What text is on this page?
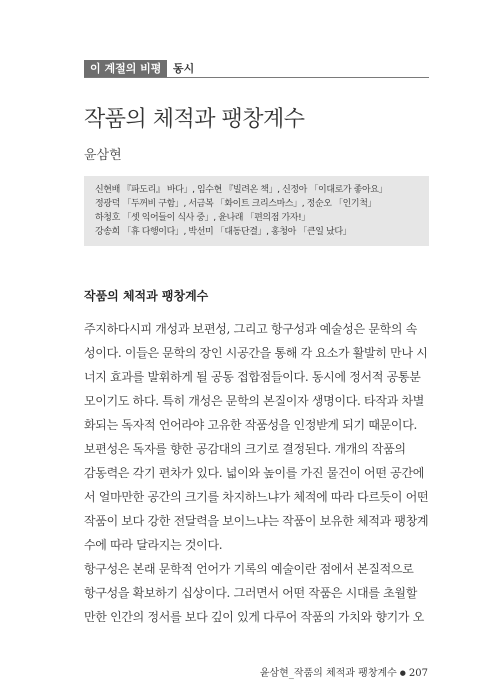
이 계절의 비평	동시
작품의 체적과 팽창계수
윤삼현
신현배 『파도리』 바다」, 임수현 『빌려온 책」, 신정아 「이대로가 좋아요」
정광덕 「두꺼비 구함」, 서금복 「화이트 크리스마스」, 정순오 「인기척」
하청호 「셋 익어들이 식사 중」, 윤나래 「편의점 가자!」
강송희 「휴 다행이다」, 박선미 「대동단결」, 홍청아 「큰일 났다」
작품의 체적과 팽창계수
주지하다시피 개성과 보편성, 그리고 항구성과 예술성은 문학의 속
성이다. 이들은 문학의 장인 시공간을 통해 각 요소가 활발히 만나 시
너지 효과를 발휘하게 될 공동 접합점들이다. 동시에 정서적 공통분
모이기도 하다. 특히 개성은 문학의 본질이자 생명이다. 타작과 차별
화되는 독자적 언어라야 고유한 작품성을 인정받게 되기 때문이다.
보편성은 독자를 향한 공감대의 크기로 결정된다. 개개의 작품의
감동력은 각기 편차가 있다. 넓이와 높이를 가진 물건이 어떤 공간에
서 얼마만한 공간의 크기를 차지하느냐가 체적에 따라 다르듯이 어떤
작품이 보다 강한 전달력을 보이느냐는 작품이 보유한 체적과 팽창계
수에 따라 달라지는 것이다.
항구성은 본래 문학적 언어가 기록의 예술이란 점에서 본질적으로
항구성을 확보하기 십상이다. 그러면서 어떤 작품은 시대를 초월할
만한 인간의 정서를 보다 깊이 있게 다루어 작품의 가치와 향기가 오
윤삼현_작품의 체적과 팽창계수 ● 207
